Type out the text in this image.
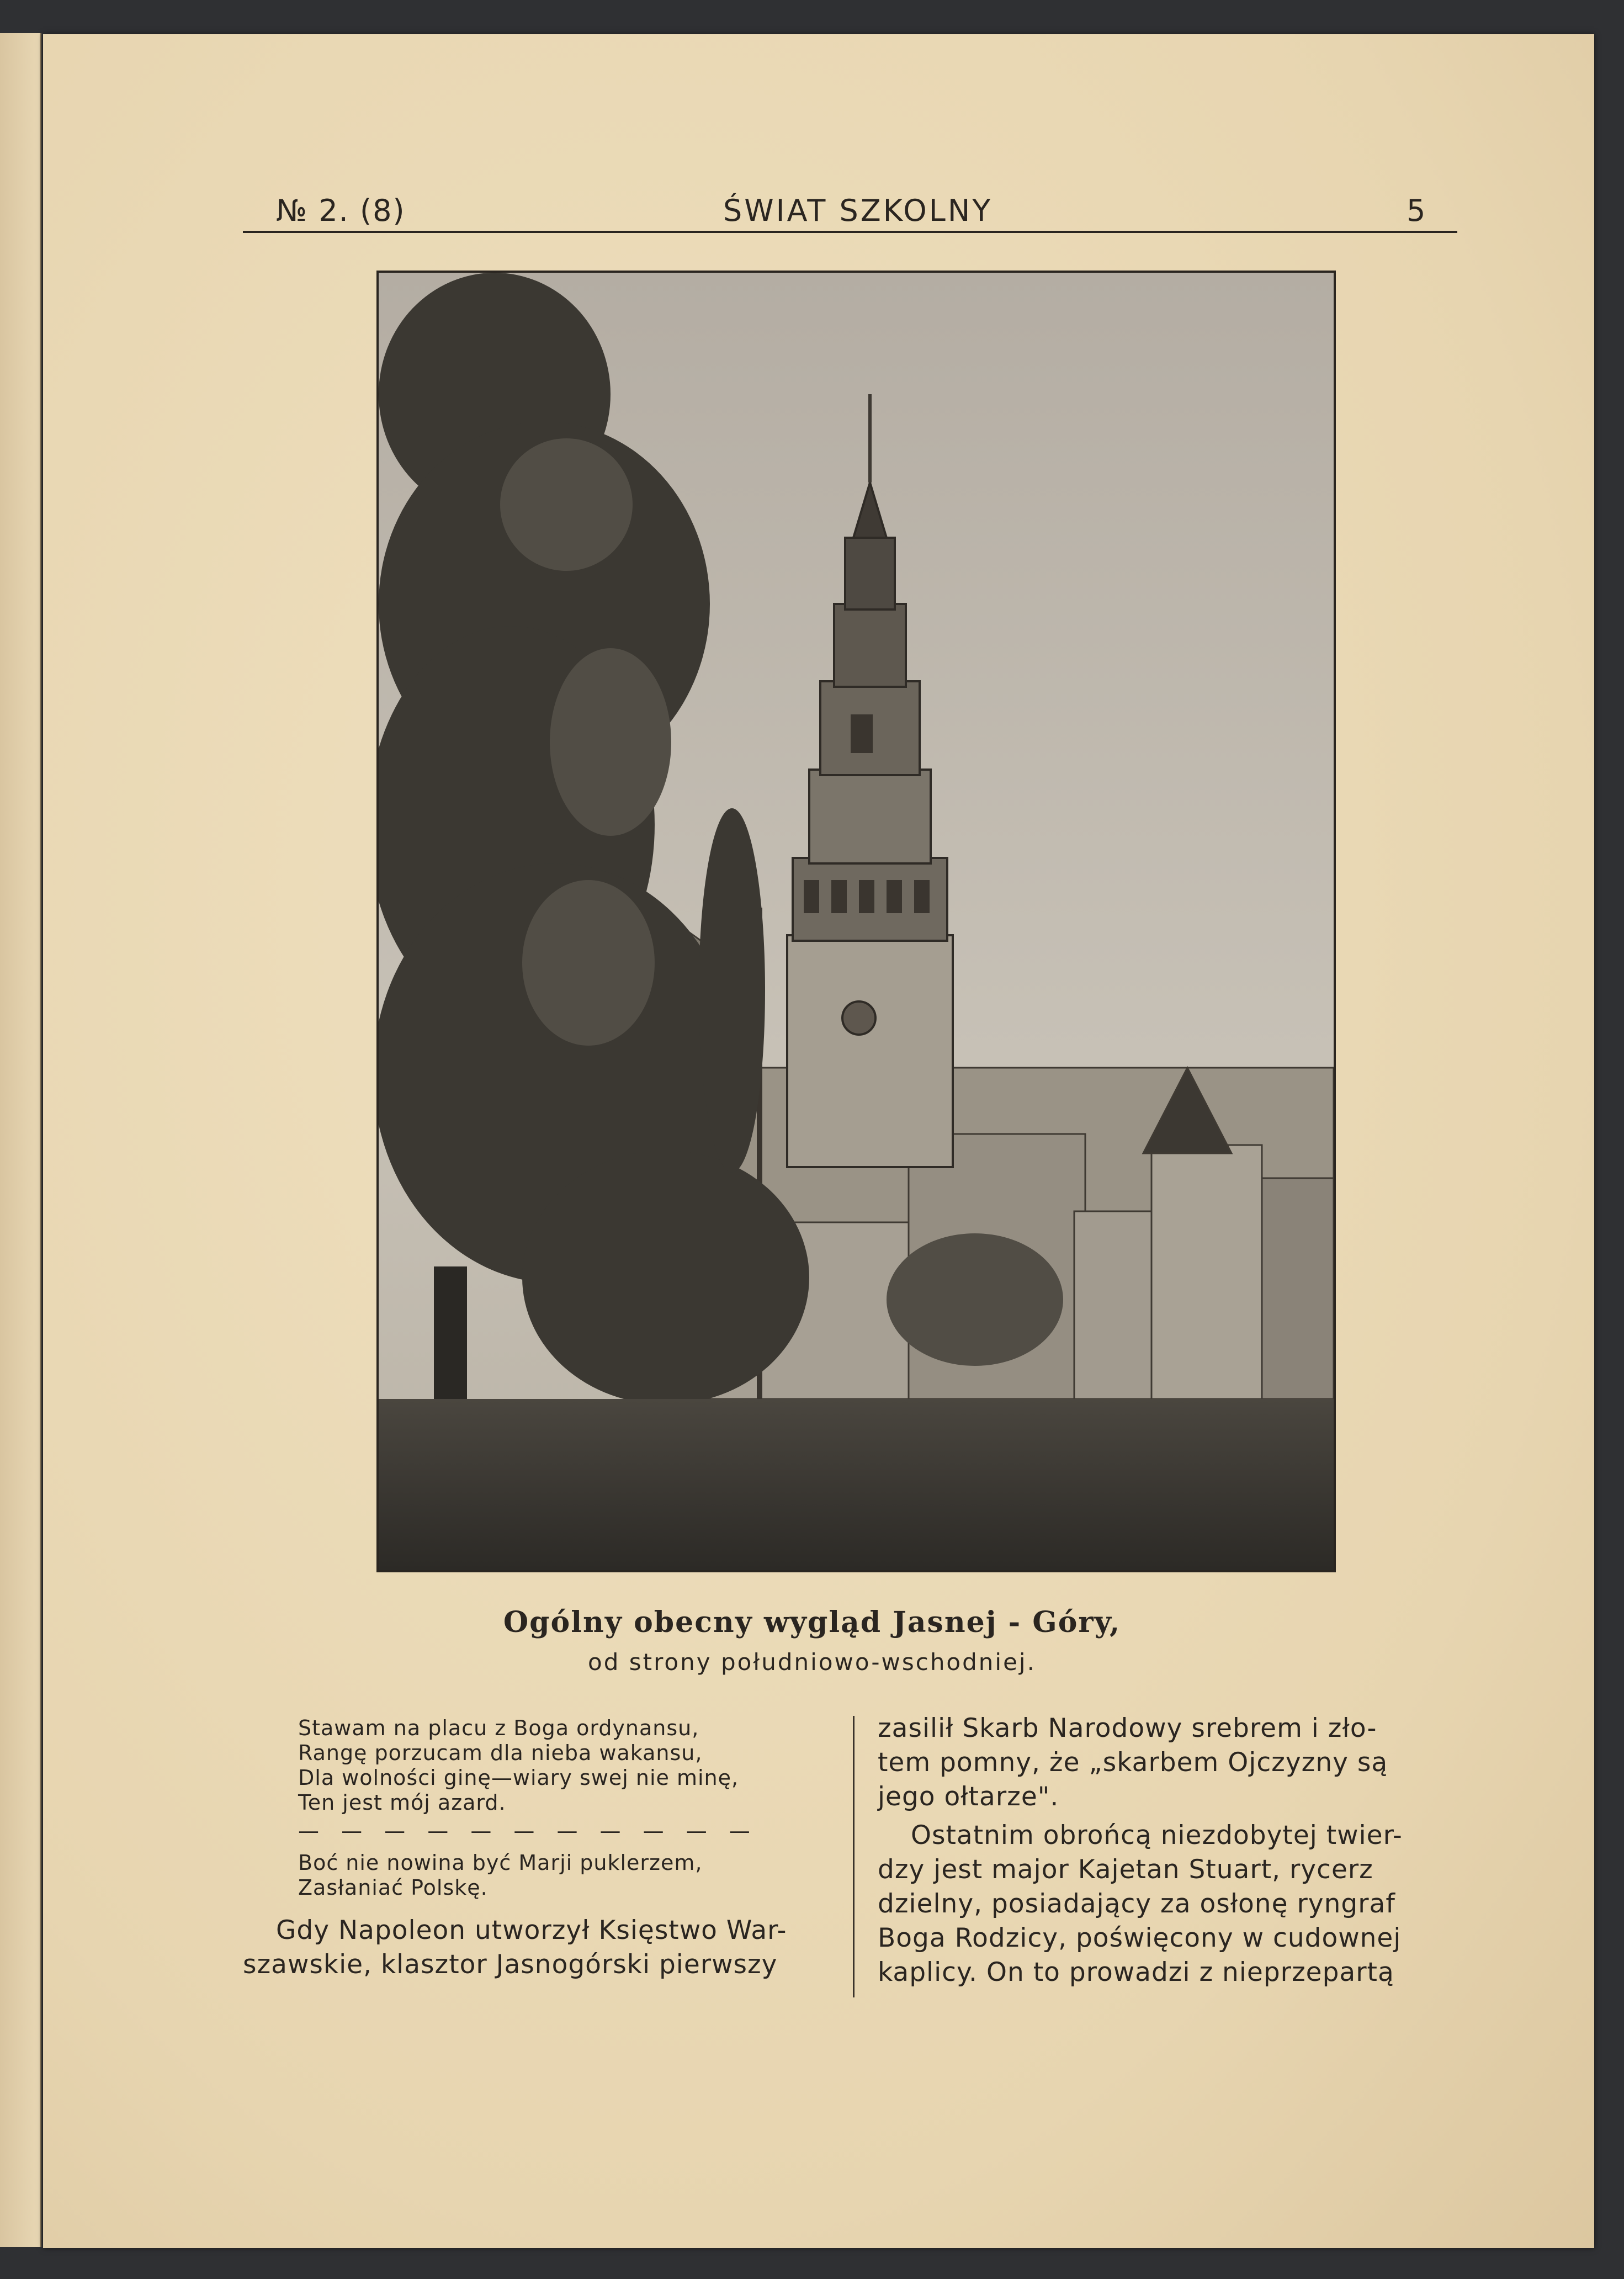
№ 2. (8)	ŚWIAT SZKOLNY	5
Ogólny obecny wygląd Jasnej - Góry,
od strony południowo-wschodniej.
Stawam na placu z Boga ordynansu,
Rangę porzucam dla nieba wakansu,
Dla wolności ginę—wiary swej nie minę,
Ten jest mój azard.
— — — — — — — — — — —
Boć nie nowina być Marji puklerzem,
Zasłaniać Polskę.
Gdy Napoleon utworzył Księstwo War-
szawskie, klasztor Jasnogórski pierwszy
zasilił Skarb Narodowy srebrem i zło-
tem pomny, że „skarbem Ojczyzny są
jego ołtarze".
Ostatnim obrońcą niezdobytej twier-
dzy jest major Kajetan Stuart, rycerz
dzielny, posiadający za osłonę ryngraf
Boga Rodzicy, poświęcony w cudownej
kaplicy. On to prowadzi z nieprzepartą
